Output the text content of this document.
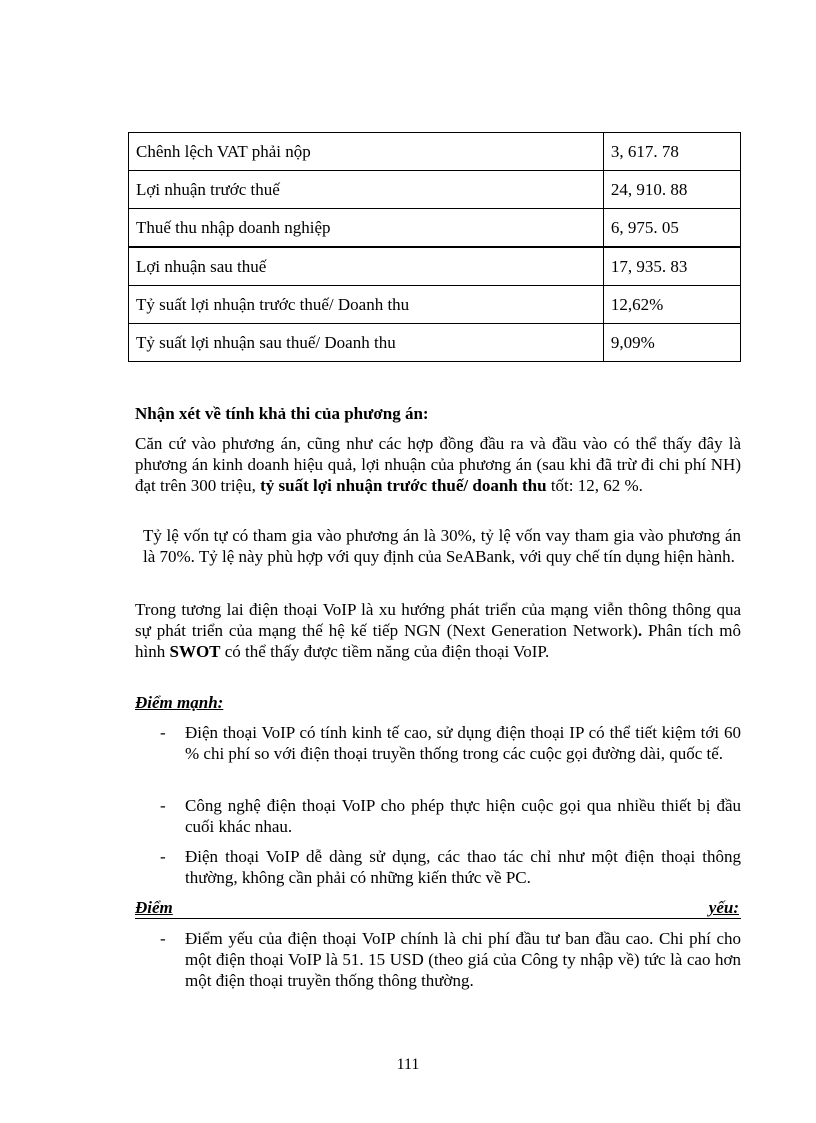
Chênh lệch VAT phải nộp	3, 617. 78
Lợi nhuận trước thuế	24, 910. 88
Thuế thu nhập doanh nghiệp	6, 975. 05
Lợi nhuận sau thuế	17, 935. 83
Tỷ suất lợi nhuận trước thuế/ Doanh thu	12,62%
Tỷ suất lợi nhuận sau thuế/ Doanh thu	9,09%
Nhận xét về tính khả thi của phương án:
Căn cứ vào phương án, cũng như các hợp đồng đầu ra và đầu vào có thể thấy đây là phương án kinh doanh hiệu quả, lợi nhuận của phương án (sau khi đã trừ đi chi phí NH) đạt trên 300 triệu, tỷ suất lợi nhuận trước thuế/ doanh thu tốt: 12, 62 %.
Tỷ lệ vốn tự có tham gia vào phương án là 30%, tỷ lệ vốn vay tham gia vào phương án là 70%. Tỷ lệ này phù hợp với quy định của SeABank, với quy chế tín dụng hiện hành.
Trong tương lai điện thoại VoIP là xu hướng phát triển của mạng viễn thông thông qua sự phát triển của mạng thế hệ kế tiếp NGN (Next Generation Network). Phân tích mô hình SWOT có thể thấy được tiềm năng của điện thoại VoIP.
Điểm mạnh:
-	Điện thoại VoIP có tính kinh tế cao, sử dụng điện thoại IP có thể tiết kiệm tới 60 % chi phí so với điện thoại truyền thống trong các cuộc gọi đường dài, quốc tế.
-	Công nghệ điện thoại VoIP cho phép thực hiện cuộc gọi qua nhiều thiết bị đầu cuối khác nhau.
-	Điện thoại VoIP dễ dàng sử dụng, các thao tác chỉ như một điện thoại thông thường, không cần phải có những kiến thức về PC.
Điểm	yếu:
-	Điểm yếu của điện thoại VoIP chính là chi phí đầu tư ban đầu cao. Chi phí cho một điện thoại VoIP là 51. 15 USD (theo giá của Công ty nhập về) tức là cao hơn một điện thoại truyền thống thông thường.
111
